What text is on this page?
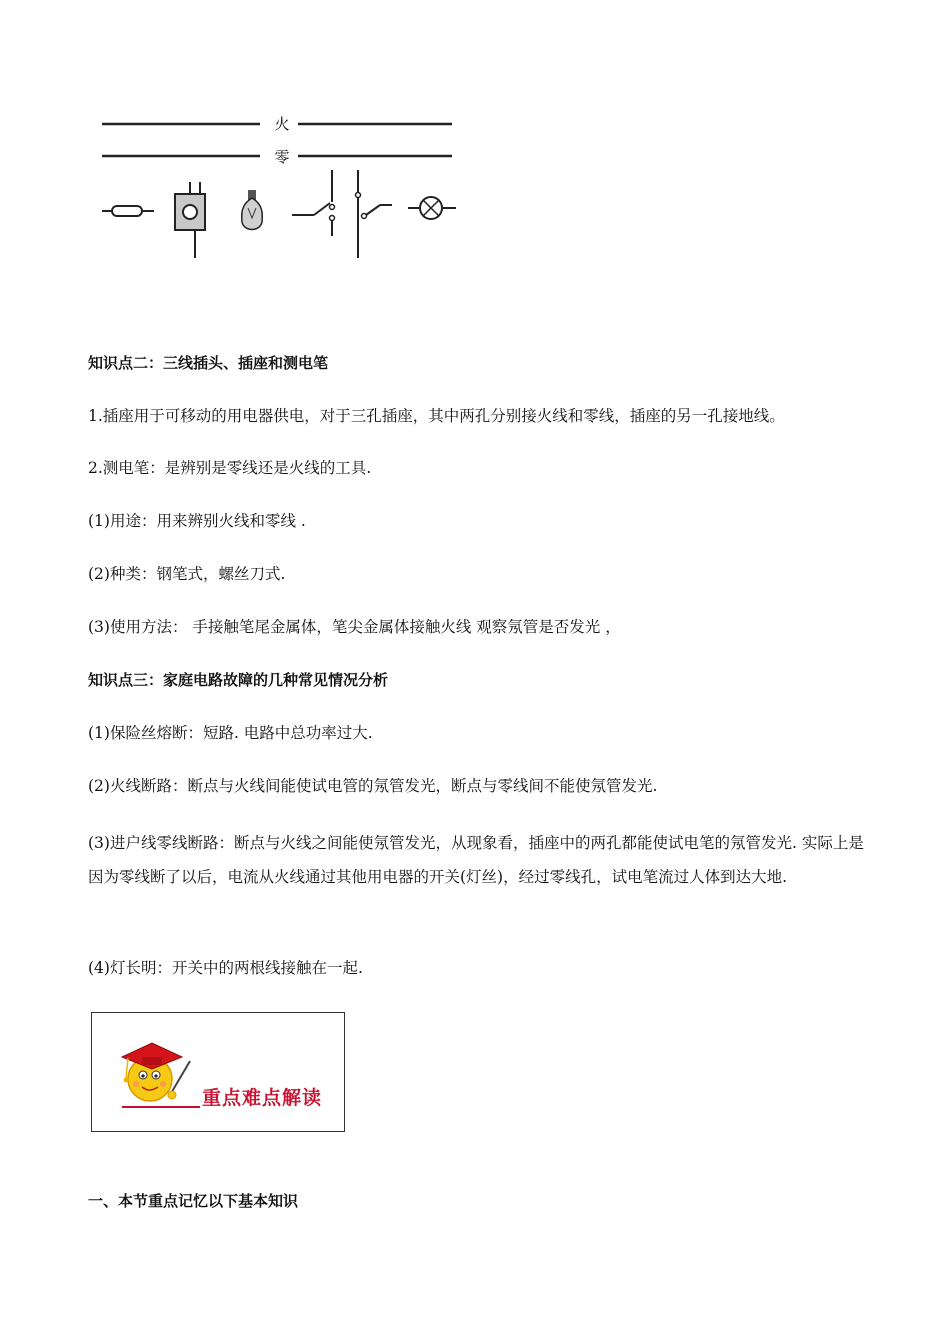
火
零
知识点二：三线插头、插座和测电笔
1.插座用于可移动的用电器供电，对于三孔插座，其中两孔分别接火线和零线，插座的另一孔接地线。
2.测电笔：是辨别是零线还是火线的工具.
(1)用途：用来辨别火线和零线 .
(2)种类：钢笔式，螺丝刀式.
(3)使用方法： 手接触笔尾金属体，笔尖金属体接触火线 观察氖管是否发光 ，
知识点三：家庭电路故障的几种常见情况分析
(1)保险丝熔断：短路. 电路中总功率过大.
(2)火线断路：断点与火线间能使试电管的氖管发光，断点与零线间不能使氖管发光.
(3)进户线零线断路：断点与火线之间能使氖管发光，从现象看，插座中的两孔都能使试电笔的氖管发光. 实际上是因为零线断了以后，电流从火线通过其他用电器的开关(灯丝)，经过零线孔，试电笔流过人体到达大地.
(4)灯长明：开关中的两根线接触在一起.
重点难点解读
一、本节重点记忆以下基本知识
